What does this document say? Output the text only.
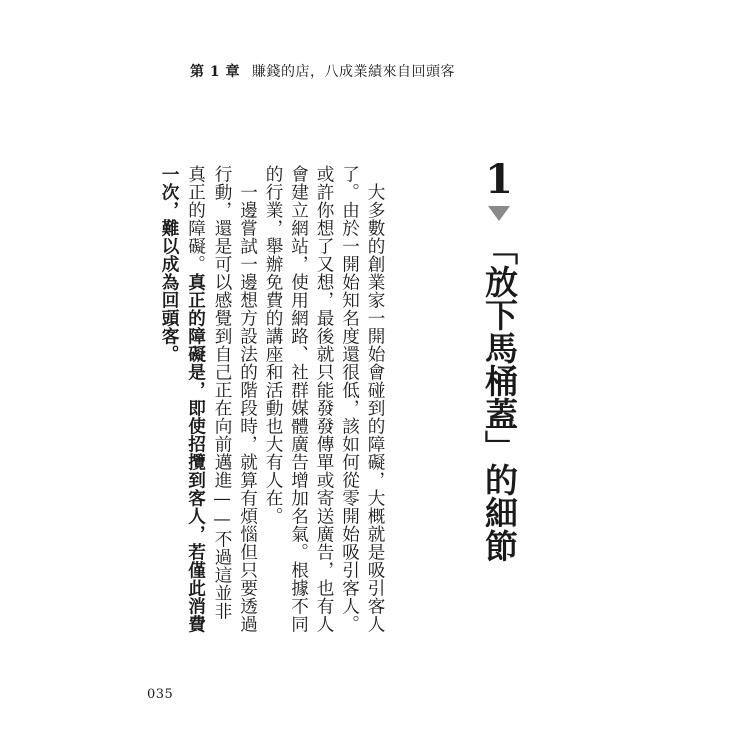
第 1 章 賺錢的店，八成業績來自回頭客
1
「放下馬桶蓋」的細節

大多數的創業家一開始會碰到的障礙，大概就是吸引客人了。由於一開始知名度還很低，該如何從零開始吸引客人。或許你想了又想，最後就只能發發傳單或寄送廣告，也有人會建立網站，使用網路、社群媒體廣告增加名氣。根據不同的行業，舉辦免費的講座和活動也大有人在。

一邊嘗試一邊想方設法的階段時，就算有煩惱但只要透過行動，還是可以感覺到自己正在向前邁進——不過這並非真正的障礙。真正的障礙是，即使招攬到客人，若僅此消費一次，難以成為回頭客。

035
